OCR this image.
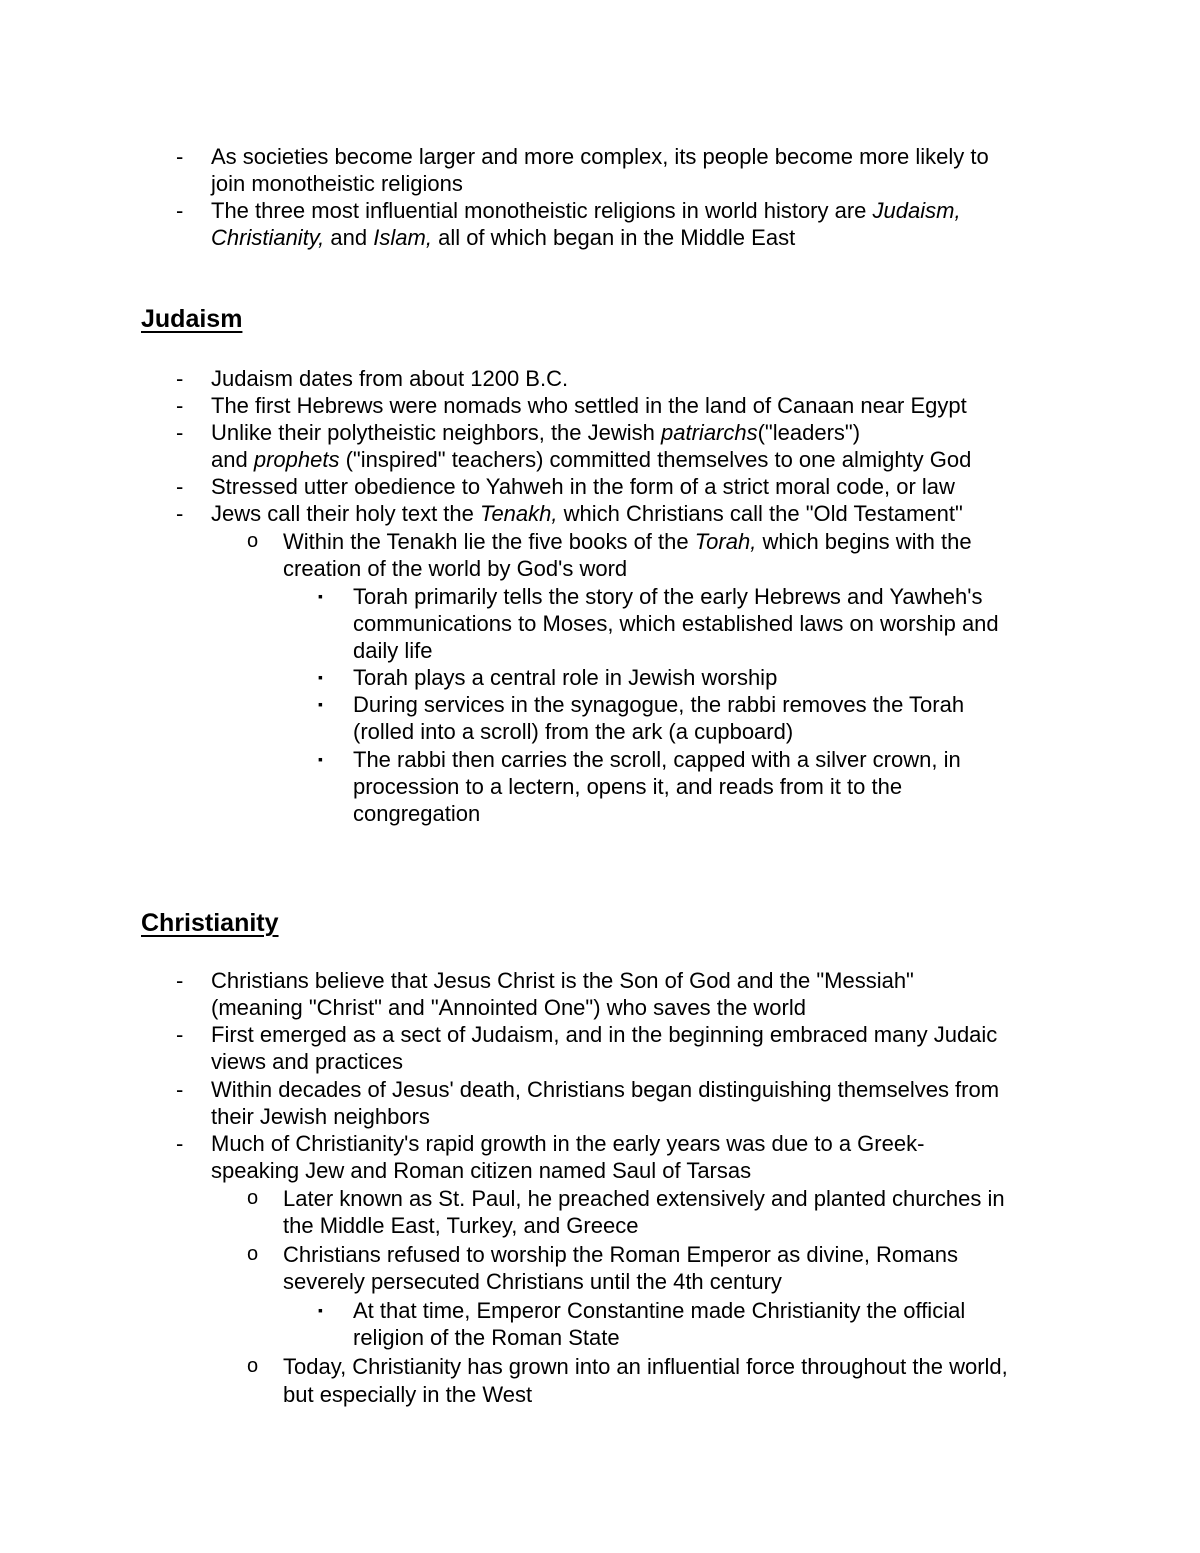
- As societies become larger and more complex, its people become more likely to
join monotheistic religions
- The three most influential monotheistic religions in world history are Judaism,
Christianity, and Islam, all of which began in the Middle East
Judaism
- Judaism dates from about 1200 B.C.
- The first Hebrews were nomads who settled in the land of Canaan near Egypt
- Unlike their polytheistic neighbors, the Jewish patriarchs("leaders")
and prophets ("inspired" teachers) committed themselves to one almighty God
- Stressed utter obedience to Yahweh in the form of a strict moral code, or law
- Jews call their holy text the Tenakh, which Christians call the "Old Testament"
o Within the Tenakh lie the five books of the Torah, which begins with the
creation of the world by God's word
▪ Torah primarily tells the story of the early Hebrews and Yawheh's
communications to Moses, which established laws on worship and
daily life
▪ Torah plays a central role in Jewish worship
▪ During services in the synagogue, the rabbi removes the Torah
(rolled into a scroll) from the ark (a cupboard)
▪ The rabbi then carries the scroll, capped with a silver crown, in
procession to a lectern, opens it, and reads from it to the
congregation
Christianity
- Christians believe that Jesus Christ is the Son of God and the "Messiah"
(meaning "Christ" and "Annointed One") who saves the world
- First emerged as a sect of Judaism, and in the beginning embraced many Judaic
views and practices
- Within decades of Jesus' death, Christians began distinguishing themselves from
their Jewish neighbors
- Much of Christianity's rapid growth in the early years was due to a Greek-
speaking Jew and Roman citizen named Saul of Tarsas
o Later known as St. Paul, he preached extensively and planted churches in
the Middle East, Turkey, and Greece
o Christians refused to worship the Roman Emperor as divine, Romans
severely persecuted Christians until the 4th century
▪ At that time, Emperor Constantine made Christianity the official
religion of the Roman State
o Today, Christianity has grown into an influential force throughout the world,
but especially in the West
